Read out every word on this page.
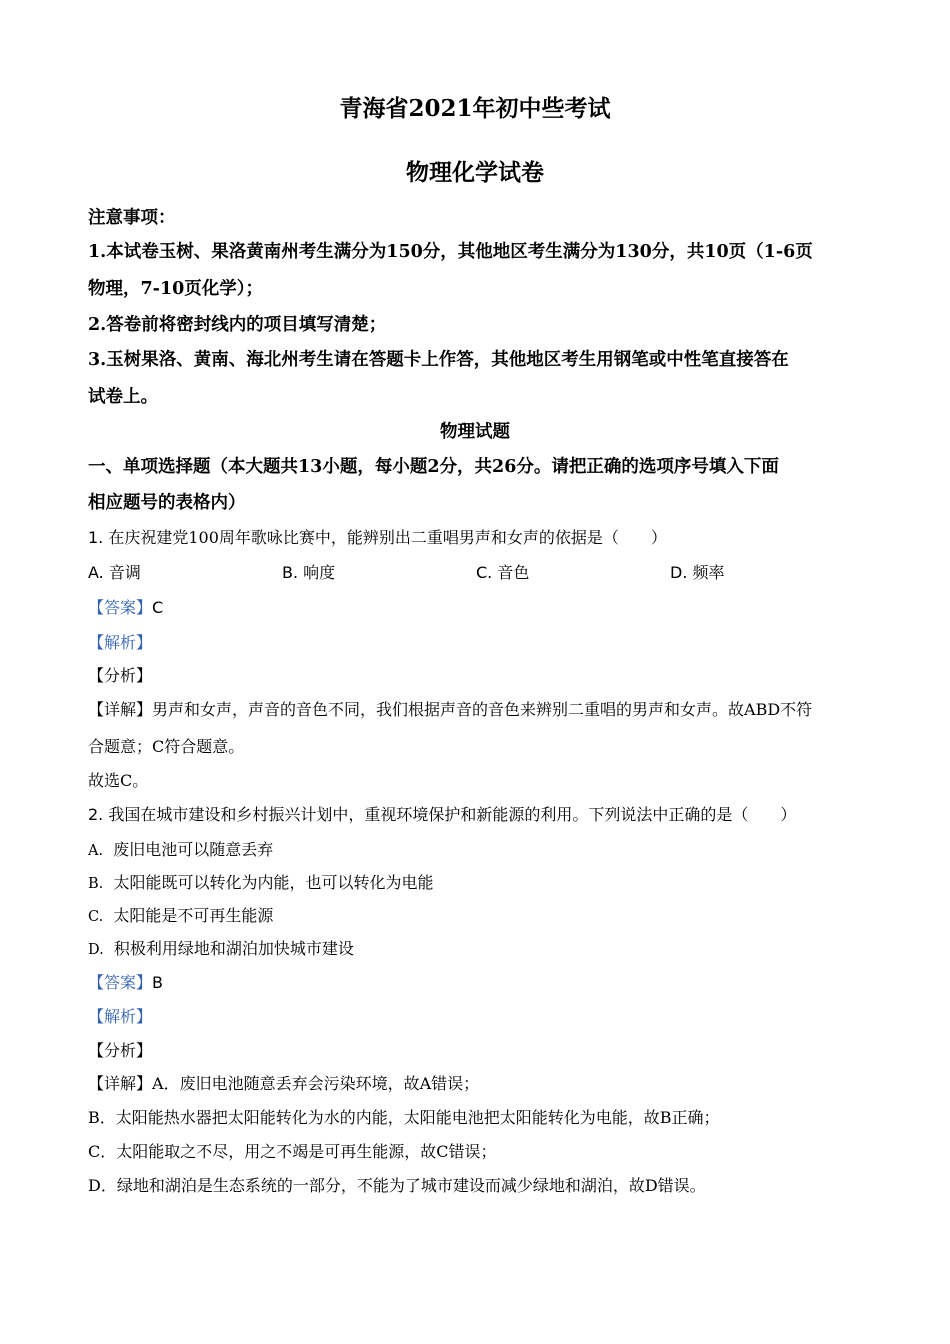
青海省2021年初中些考试
物理化学试卷
注意事项：
1.本试卷玉树、果洛黄南州考生满分为150分，其他地区考生满分为130分，共10页（1-6页
物理，7-10页化学）；
2.答卷前将密封线内的项目填写清楚；
3.玉树果洛、黄南、海北州考生请在答题卡上作答，其他地区考生用钢笔或中性笔直接答在
试卷上。
物理试题
一、单项选择题（本大题共13小题，每小题2分，共26分。请把正确的选项序号填入下面
相应题号的表格内）
1. 在庆祝建党100周年歌咏比赛中，能辨别出二重唱男声和女声的依据是（　　）
A. 音调	B. 响度	C. 音色	D. 频率
【答案】C
【解析】
【分析】
【详解】男声和女声，声音的音色不同，我们根据声音的音色来辨别二重唱的男声和女声。故ABD不符
合题意；C符合题意。
故选C。
2. 我国在城市建设和乡村振兴计划中，重视环境保护和新能源的利用。下列说法中正确的是（　　）
A. 废旧电池可以随意丢弃
B. 太阳能既可以转化为内能，也可以转化为电能
C. 太阳能是不可再生能源
D. 积极利用绿地和湖泊加快城市建设
【答案】B
【解析】
【分析】
【详解】A．废旧电池随意丢弃会污染环境，故A错误；
B．太阳能热水器把太阳能转化为水的内能，太阳能电池把太阳能转化为电能，故B正确；
C．太阳能取之不尽，用之不竭是可再生能源，故C错误；
D．绿地和湖泊是生态系统的一部分，不能为了城市建设而减少绿地和湖泊，故D错误。
